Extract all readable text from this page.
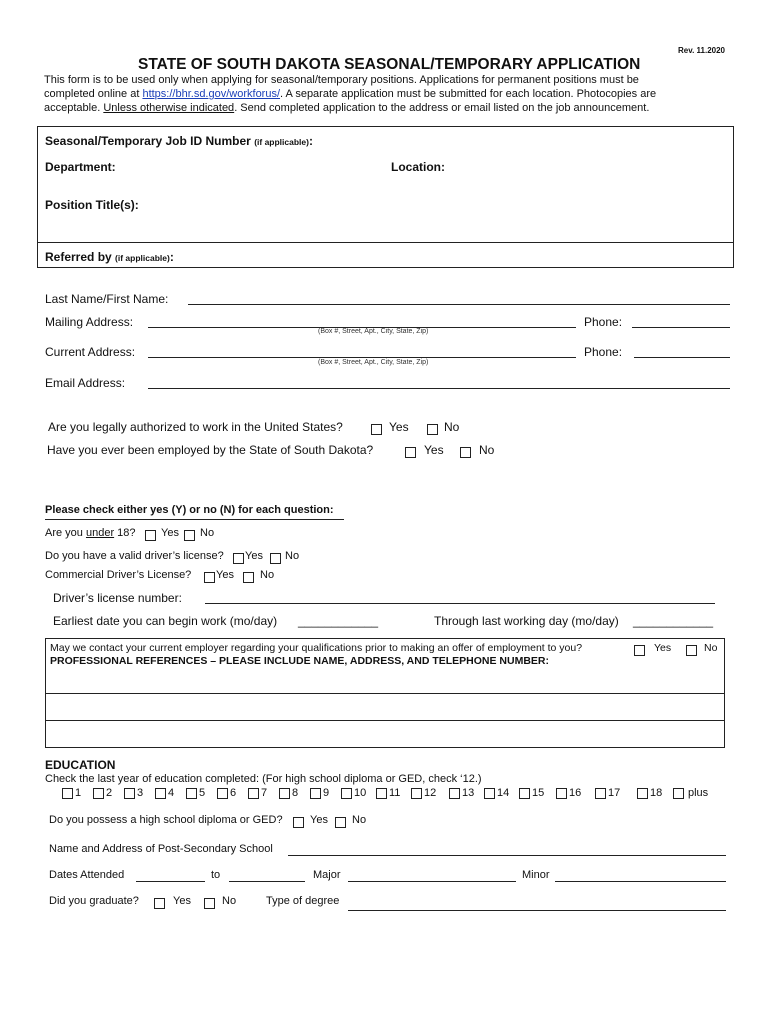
Rev. 11.2020
STATE OF SOUTH DAKOTA SEASONAL/TEMPORARY APPLICATION
This form is to be used only when applying for seasonal/temporary positions. Applications for permanent positions must be
completed online at https://bhr.sd.gov/workforus/. A separate application must be submitted for each location. Photocopies are
acceptable. Unless otherwise indicated. Send completed application to the address or email listed on the job announcement.
Seasonal/Temporary Job ID Number (if applicable):
Department:	Location:
Position Title(s):
Referred by (if applicable):
Last Name/First Name:
Mailing Address:
(Box #, Street, Apt., City, State, Zip)
Phone:
Current Address:
(Box #, Street, Apt., City, State, Zip)
Phone:
Email Address:
Are you legally authorized to work in the United States?	Yes	No
Have you ever been employed by the State of South Dakota?	Yes	No
Please check either yes (Y) or no (N) for each question:
Are you under 18? Yes No
Do you have a valid driver’s license? Yes No
Commercial Driver’s License? Yes No
Driver’s license number:
Earliest date you can begin work (mo/day) ____________	Through last working day (mo/day) ____________
May we contact your current employer regarding your qualifications prior to making an offer of employment to you?	Yes	No
PROFESSIONAL REFERENCES – PLEASE INCLUDE NAME, ADDRESS, AND TELEPHONE NUMBER:
EDUCATION
Check the last year of education completed: (For high school diploma or GED, check ‘12.)
1 2 3 4 5 6 7 8 9 10 11 12 13 14 15 16 17	18 plus
Do you possess a high school diploma or GED? Yes No
Name and Address of Post-Secondary School
Dates Attended	to	Major	Minor
Did you graduate?	Yes	No	Type of degree
